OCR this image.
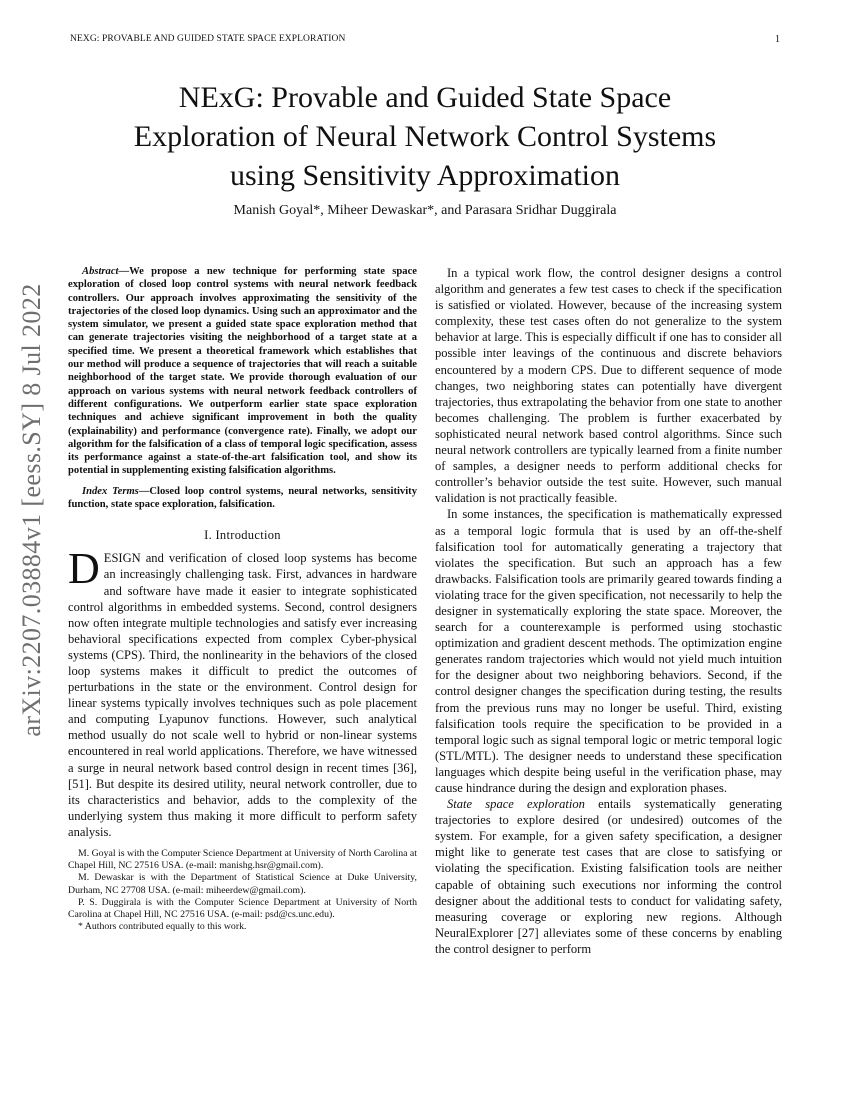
NEXG: PROVABLE AND GUIDED STATE SPACE EXPLORATION	1
arXiv:2207.03884v1 [eess.SY] 8 Jul 2022
NExG: Provable and Guided State Space
Exploration of Neural Network Control Systems
using Sensitivity Approximation
Manish Goyal*, Miheer Dewaskar*, and Parasara Sridhar Duggirala

Abstract—We propose a new technique for performing state space exploration of closed loop control systems with neural network feedback controllers. Our approach involves approximating the sensitivity of the trajectories of the closed loop dynamics. Using such an approximator and the system simulator, we present a guided state space exploration method that can generate trajectories visiting the neighborhood of a target state at a specified time. We present a theoretical framework which establishes that our method will produce a sequence of trajectories that will reach a suitable neighborhood of the target state. We provide thorough evaluation of our approach on various systems with neural network feedback controllers of different configurations. We outperform earlier state space exploration techniques and achieve significant improvement in both the quality (explainability) and performance (convergence rate). Finally, we adopt our algorithm for the falsification of a class of temporal logic specification, assess its performance against a state-of-the-art falsification tool, and show its potential in supplementing existing falsification algorithms.

Index Terms—Closed loop control systems, neural networks, sensitivity function, state space exploration, falsification.

I. Introduction

DESIGN and verification of closed loop systems has become an increasingly challenging task. First, advances in hardware and software have made it easier to integrate sophisticated control algorithms in embedded systems. Second, control designers now often integrate multiple technologies and satisfy ever increasing behavioral specifications expected from complex Cyber-physical systems (CPS). Third, the nonlinearity in the behaviors of the closed loop systems makes it difficult to predict the outcomes of perturbations in the state or the environment. Control design for linear systems typically involves techniques such as pole placement and computing Lyapunov functions. However, such analytical method usually do not scale well to hybrid or non-linear systems encountered in real world applications. Therefore, we have witnessed a surge in neural network based control design in recent times [36], [51]. But despite its desired utility, neural network controller, due to its characteristics and behavior, adds to the complexity of the underlying system thus making it more difficult to perform safety analysis.

M. Goyal is with the Computer Science Department at University of North Carolina at Chapel Hill, NC 27516 USA. (e-mail: manishg.hsr@gmail.com).

M. Dewaskar is with the Department of Statistical Science at Duke University, Durham, NC 27708 USA. (e-mail: miheerdew@gmail.com).

P. S. Duggirala is with the Computer Science Department at University of North Carolina at Chapel Hill, NC 27516 USA. (e-mail: psd@cs.unc.edu).

* Authors contributed equally to this work.

In a typical work flow, the control designer designs a control algorithm and generates a few test cases to check if the specification is satisfied or violated. However, because of the increasing system complexity, these test cases often do not generalize to the system behavior at large. This is especially difficult if one has to consider all possible inter leavings of the continuous and discrete behaviors encountered by a modern CPS. Due to different sequence of mode changes, two neighboring states can potentially have divergent trajectories, thus extrapolating the behavior from one state to another becomes challenging. The problem is further exacerbated by sophisticated neural network based control algorithms. Since such neural network controllers are typically learned from a finite number of samples, a designer needs to perform additional checks for controller’s behavior outside the test suite. However, such manual validation is not practically feasible.

In some instances, the specification is mathematically expressed as a temporal logic formula that is used by an off-the-shelf falsification tool for automatically generating a trajectory that violates the specification. But such an approach has a few drawbacks. Falsification tools are primarily geared towards finding a violating trace for the given specification, not necessarily to help the designer in systematically exploring the state space. Moreover, the search for a counterexample is performed using stochastic optimization and gradient descent methods. The optimization engine generates random trajectories which would not yield much intuition for the designer about two neighboring behaviors. Second, if the control designer changes the specification during testing, the results from the previous runs may no longer be useful. Third, existing falsification tools require the specification to be provided in a temporal logic such as signal temporal logic or metric temporal logic (STL/MTL). The designer needs to understand these specification languages which despite being useful in the verification phase, may cause hindrance during the design and exploration phases.

State space exploration entails systematically generating trajectories to explore desired (or undesired) outcomes of the system. For example, for a given safety specification, a designer might like to generate test cases that are close to satisfying or violating the specification. Existing falsification tools are neither capable of obtaining such executions nor informing the control designer about the additional tests to conduct for validating safety, measuring coverage or exploring new regions. Although NeuralExplorer [27] alleviates some of these concerns by enabling the control designer to perform
